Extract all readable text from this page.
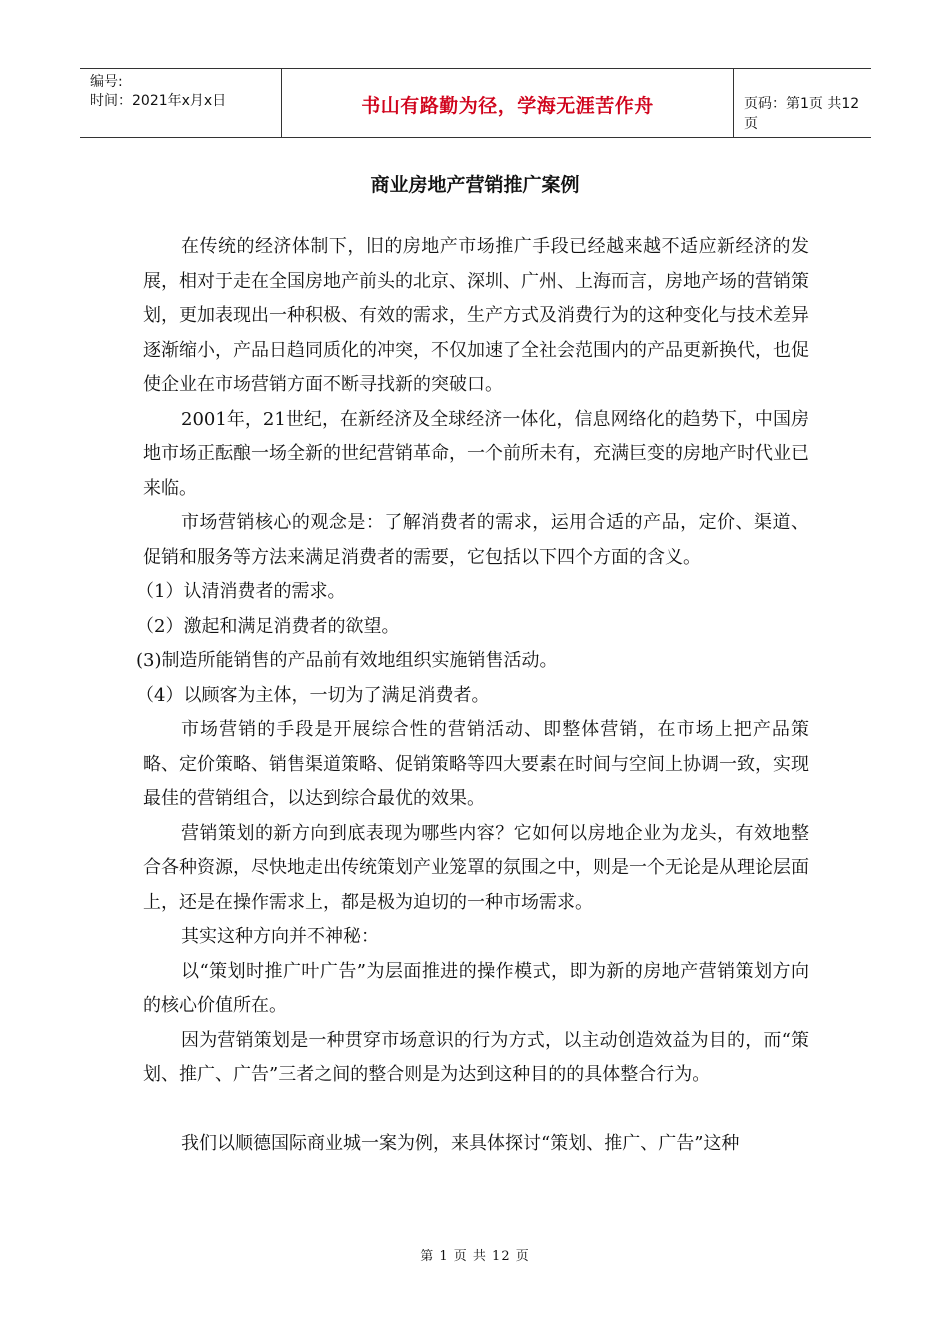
编号:
时间：2021年x月x日	书山有路勤为径，学海无涯苦作舟	页码：第1页 共12页
商业房地产营销推广案例

在传统的经济体制下，旧的房地产市场推广手段已经越来越不适应新经济的发展，相对于走在全国房地产前头的北京、深圳、广州、上海而言，房地产场的营销策划，更加表现出一种积极、有效的需求，生产方式及消费行为的这种变化与技术差异逐渐缩小，产品日趋同质化的冲突，不仅加速了全社会范围内的产品更新换代，也促使企业在市场营销方面不断寻找新的突破口。

2001年，21世纪，在新经济及全球经济一体化，信息网络化的趋势下，中国房地市场正酝酿一场全新的世纪营销革命，一个前所未有，充满巨变的房地产时代业已来临。

市场营销核心的观念是：了解消费者的需求，运用合适的产品，定价、渠道、促销和服务等方法来满足消费者的需要，它包括以下四个方面的含义。

（1）认清消费者的需求。

（2）激起和满足消费者的欲望。

(3)制造所能销售的产品前有效地组织实施销售活动。

（4）以顾客为主体，一切为了满足消费者。

市场营销的手段是开展综合性的营销活动、即整体营销，在市场上把产品策略、定价策略、销售渠道策略、促销策略等四大要素在时间与空间上协调一致，实现最佳的营销组合，以达到综合最优的效果。

营销策划的新方向到底表现为哪些内容？它如何以房地企业为龙头，有效地整合各种资源，尽快地走出传统策划产业笼罩的氛围之中，则是一个无论是从理论层面上，还是在操作需求上，都是极为迫切的一种市场需求。

其实这种方向并不神秘：

以“策划时推广叶广告”为层面推进的操作模式，即为新的房地产营销策划方向的核心价值所在。

因为营销策划是一种贯穿市场意识的行为方式，以主动创造效益为目的，而“策划、推广、广告”三者之间的整合则是为达到这种目的的具体整合行为。

我们以顺德国际商业城一案为例，来具体探讨“策划、推广、广告”这种

第 1 页 共 12 页
